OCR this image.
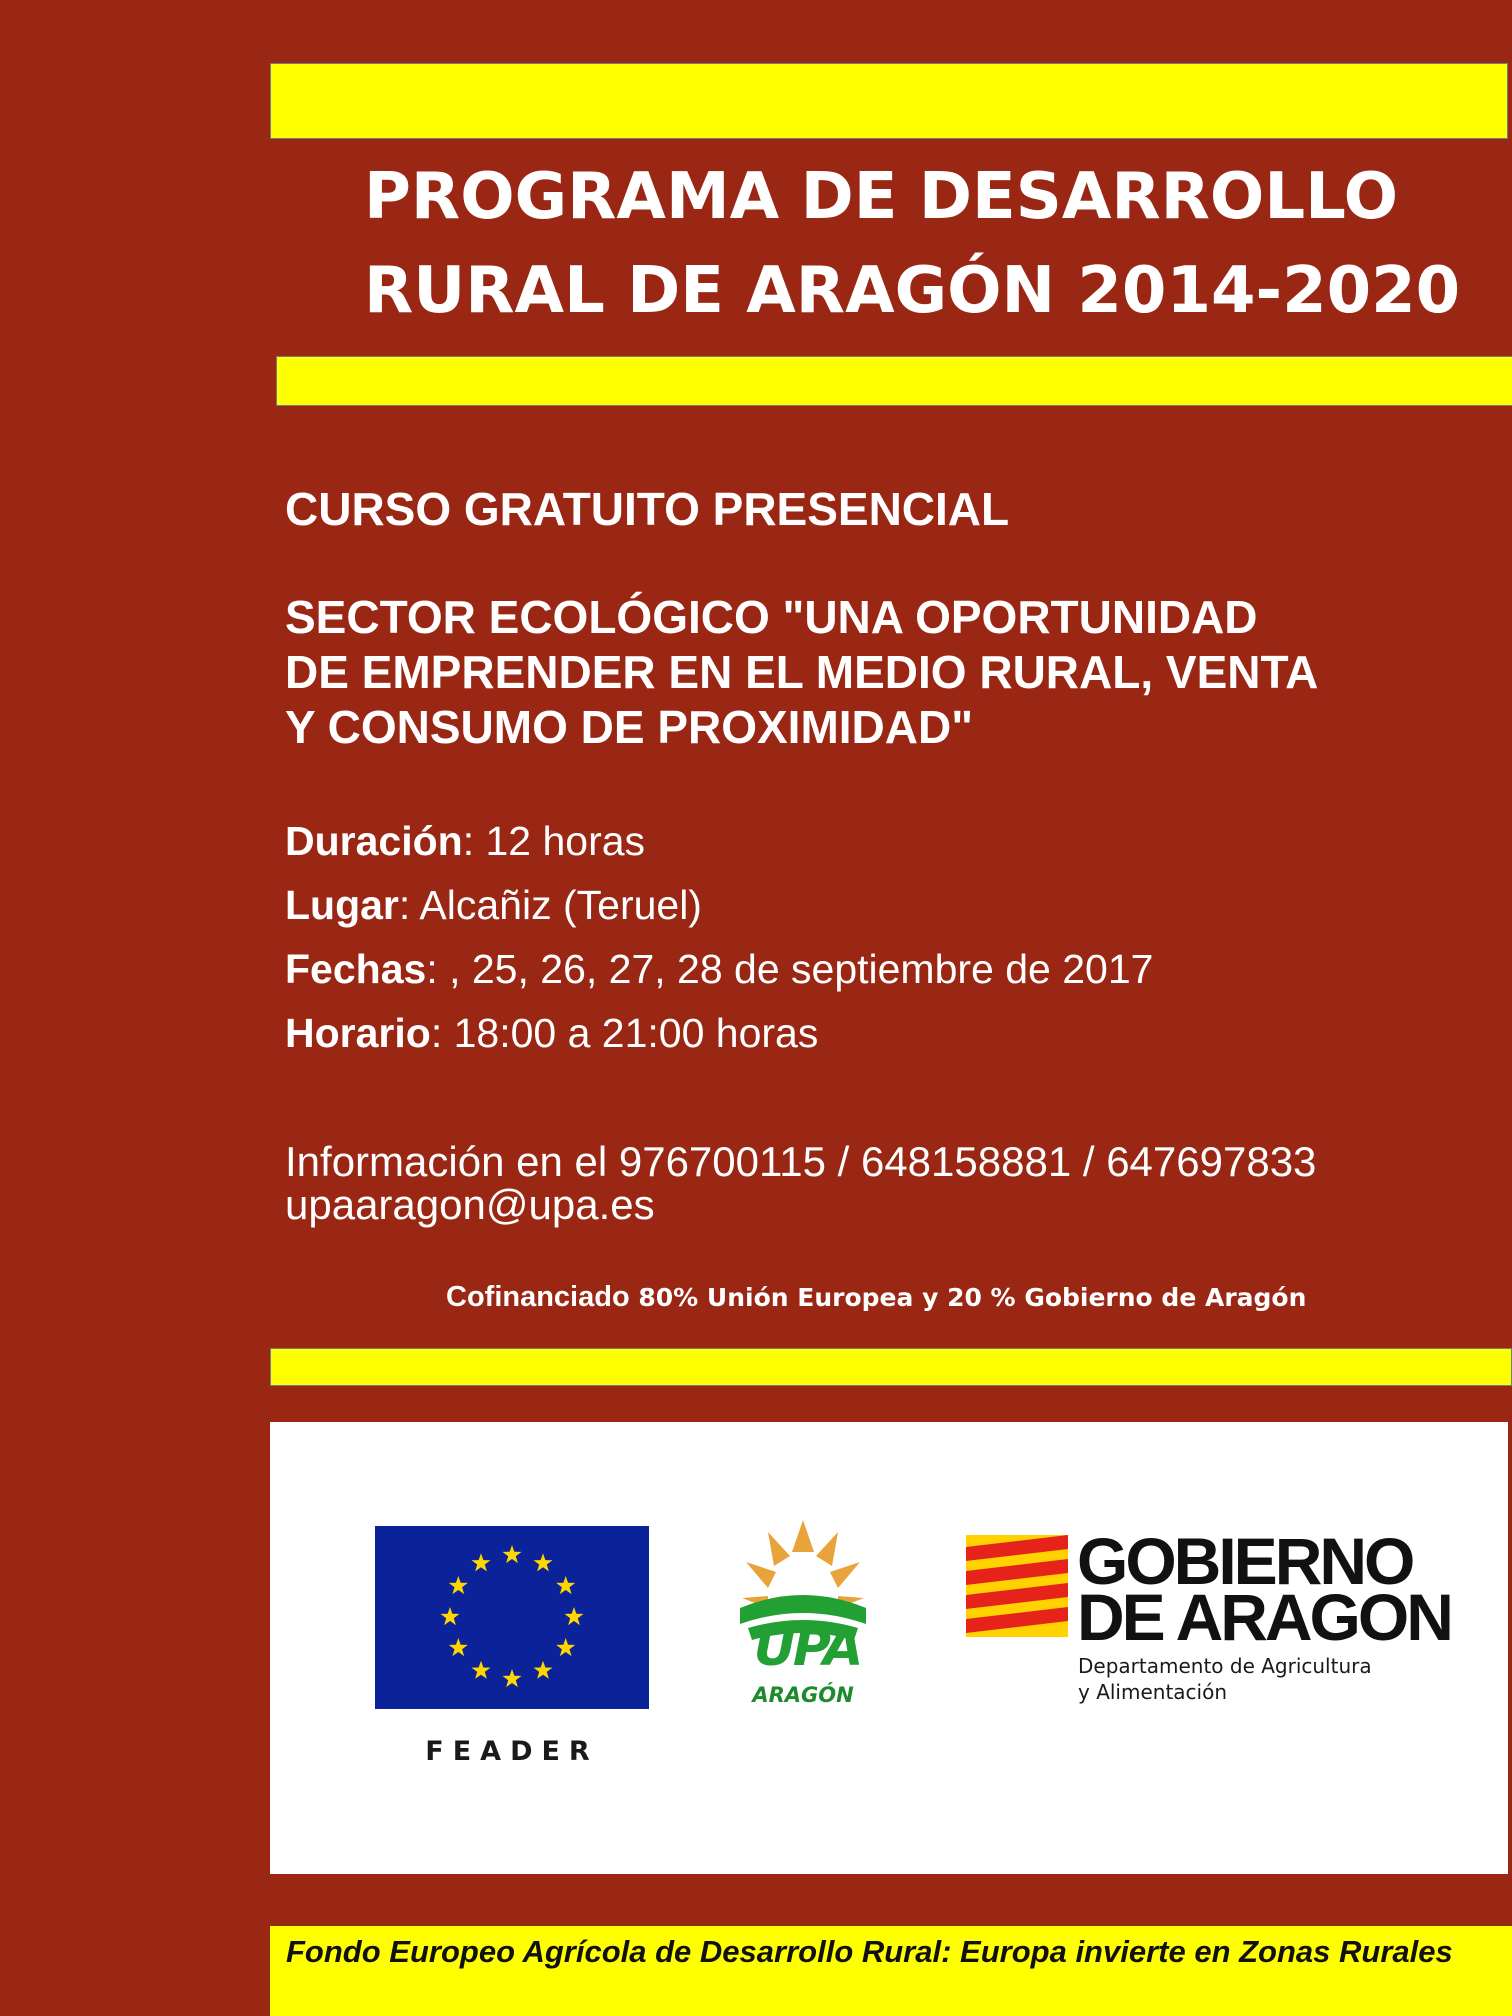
PROGRAMA DE DESARROLLO
RURAL DE ARAGÓN 2014-2020
CURSO GRATUITO PRESENCIAL
SECTOR ECOLÓGICO "UNA OPORTUNIDAD
DE EMPRENDER EN EL MEDIO RURAL, VENTA
Y CONSUMO DE PROXIMIDAD"
Duración: 12 horas
Lugar: Alcañiz (Teruel)
Fechas: , 25, 26, 27, 28 de septiembre de 2017
Horario: 18:00 a 21:00 horas
Información en el 976700115 / 648158881 / 647697833
upaaragon@upa.es
Cofinanciado 80% Unión Europea y 20 % Gobierno de Aragón
FEADER
UPA
ARAGÓN
GOBIERNO
DE ARAGON
Departamento de Agricultura
y Alimentación
Fondo Europeo Agrícola de Desarrollo Rural: Europa invierte en Zonas Rurales
